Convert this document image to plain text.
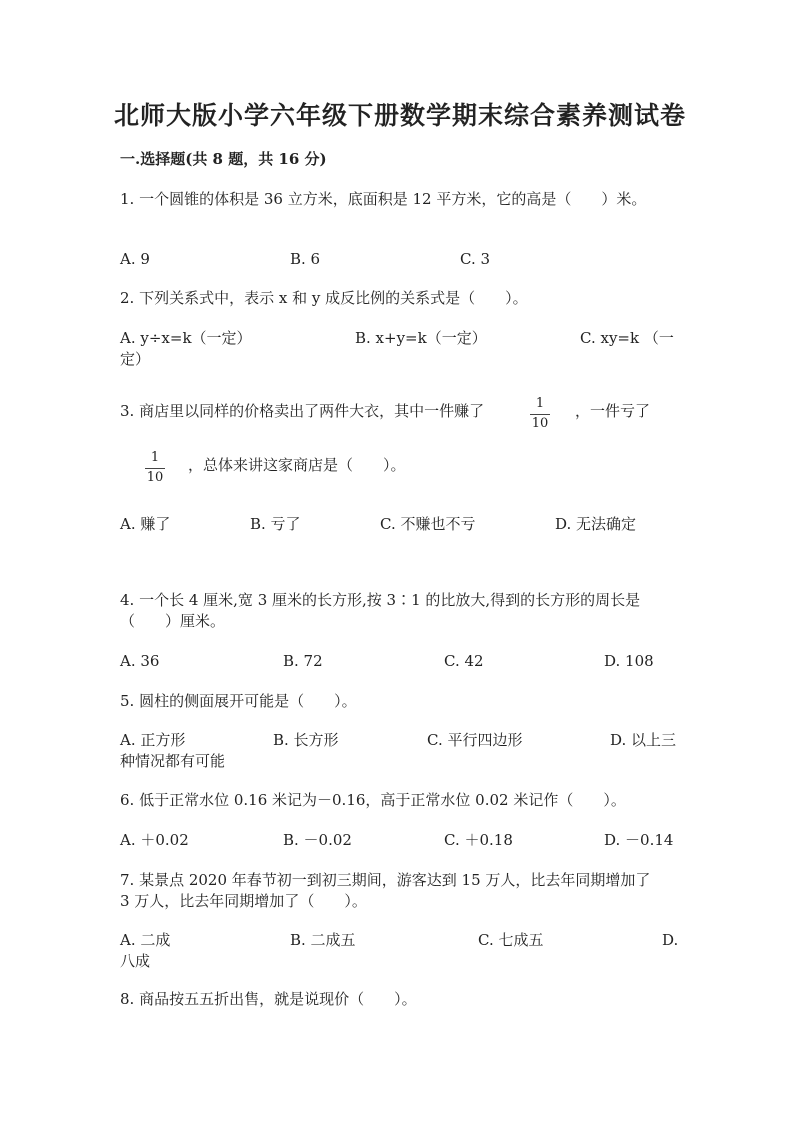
北师大版小学六年级下册数学期末综合素养测试卷
一.选择题(共 8 题，共 16 分)
1. 一个圆锥的体积是 36 立方米，底面积是 12 平方米，它的高是（　　）米。
A. 9	B. 6	C. 3
2. 下列关系式中，表示 x 和 y 成反比例的关系式是（　　）。
A. y÷x=k（一定）	B. x+y=k（一定）	C. xy=k （一
定）
3. 商店里以同样的价格卖出了两件大衣，其中一件赚了	1
10
，一件亏了
1
10
，总体来讲这家商店是（　　）。
A. 赚了	B. 亏了	C. 不赚也不亏	D. 无法确定
4. 一个长 4 厘米,宽 3 厘米的长方形,按 3∶1 的比放大,得到的长方形的周长是
（　　）厘米。
A. 36	B. 72	C. 42	D. 108
5. 圆柱的侧面展开可能是（　　）。
A. 正方形	B. 长方形	C. 平行四边形	D. 以上三
种情况都有可能
6. 低于正常水位 0.16 米记为－0.16，高于正常水位 0.02 米记作（　　）。
A. ＋0.02	B. －0.02	C. ＋0.18	D. －0.14
7. 某景点 2020 年春节初一到初三期间，游客达到 15 万人，比去年同期增加了
3 万人，比去年同期增加了（　　）。
A. 二成	B. 二成五	C. 七成五	D.
八成
8. 商品按五五折出售，就是说现价（　　）。
